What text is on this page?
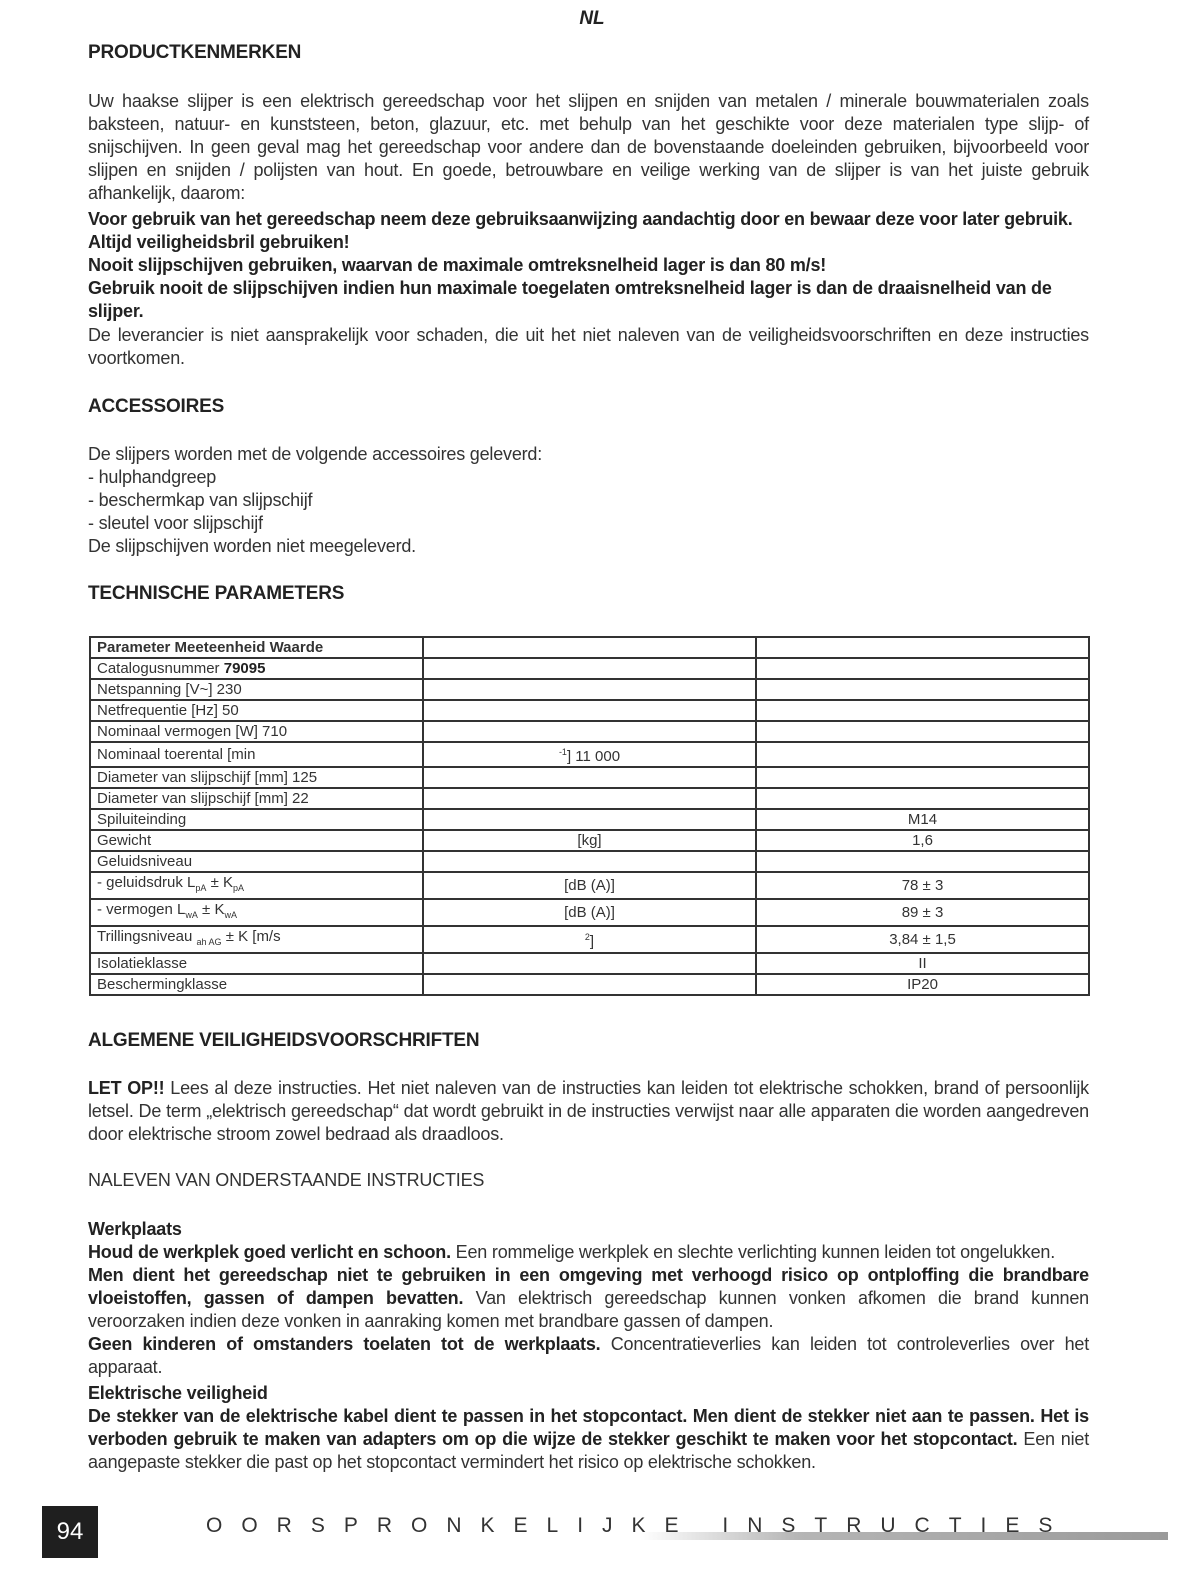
NL
PRODUCTKENMERKEN

Uw haakse slijper is een elektrisch gereedschap voor het slijpen en snijden van metalen / minerale bouwmaterialen zoals baksteen, natuur- en kunststeen, beton, glazuur, etc. met behulp van het geschikte voor deze materialen type slijp- of snijschijven. In geen geval mag het gereedschap voor andere dan de bovenstaande doeleinden gebruiken, bijvoorbeeld voor slijpen en snijden / polijsten van hout. En goede, betrouwbare en veilige werking van de slijper is van het juiste gebruik afhankelijk, daarom:

Voor gebruik van het gereedschap neem deze gebruiksaanwijzing aandachtig door en bewaar deze voor later gebruik.
Altijd veiligheidsbril gebruiken!
Nooit slijpschijven gebruiken, waarvan de maximale omtreksnelheid lager is dan 80 m/s!
Gebruik nooit de slijpschijven indien hun maximale toegelaten omtreksnelheid lager is dan de draaisnelheid van de slijper.

De leverancier is niet aansprakelijk voor schaden, die uit het niet naleven van de veiligheidsvoorschriften en deze instructies voortkomen.

ACCESSOIRES
De slijpers worden met de volgende accessoires geleverd:
- hulphandgreep
- beschermkap van slijpschijf
- sleutel voor slijpschijf
De slijpschijven worden niet meegeleverd.
TECHNISCHE PARAMETERS
Parameter Meeteenheid Waarde		
Catalogusnummer 79095		
Netspanning [V~] 230		
Netfrequentie [Hz] 50		
Nominaal vermogen [W] 710		
Nominaal toerental [min	$^{-1}$] 11 000	
Diameter van slijpschijf [mm] 125		
Diameter van slijpschijf [mm] 22		
Spiluiteinding		M14
Gewicht	[kg]	1,6
Geluidsniveau		
- geluidsdruk $L_{pA} \pm K_{pA}$	[dB (A)]	78 ± 3
- vermogen $L_{wA} \pm K_{wA}$	[dB (A)]	89 ± 3
Trillingsniveau $_{ah AG}$ ± K [m/s	$^2$]	3,84 ± 1,5
Isolatieklasse		II
Beschermingklasse		IP20
ALGEMENE VEILIGHEIDSVOORSCHRIFTEN

LET OP!! Lees al deze instructies. Het niet naleven van de instructies kan leiden tot elektrische schokken, brand of persoonlijk letsel. De term „elektrisch gereedschap“ dat wordt gebruikt in de instructies verwijst naar alle apparaten die worden aangedreven door elektrische stroom zowel bedraad als draadloos.

NALEVEN VAN ONDERSTAANDE INSTRUCTIES

Werkplaats
Houd de werkplek goed verlicht en schoon. Een rommelige werkplek en slechte verlichting kunnen leiden tot ongelukken.
Men dient het gereedschap niet te gebruiken in een omgeving met verhoogd risico op ontploffing die brandbare vloeistoffen, gassen of dampen bevatten. Van elektrisch gereedschap kunnen vonken afkomen die brand kunnen veroorzaken indien deze vonken in aanraking komen met brandbare gassen of dampen.
Geen kinderen of omstanders toelaten tot de werkplaats. Concentratieverlies kan leiden tot controleverlies over het apparaat.
Elektrische veiligheid
De stekker van de elektrische kabel dient te passen in het stopcontact. Men dient de stekker niet aan te passen. Het is verboden gebruik te maken van adapters om op die wijze de stekker geschikt te maken voor het stopcontact. Een niet aangepaste stekker die past op het stopcontact vermindert het risico op elektrische schokken.
94	OORSPRONKELIJKE INSTRUCTIES
